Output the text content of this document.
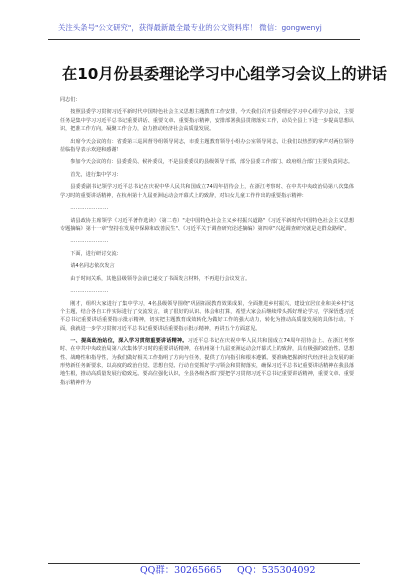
关注头条号"公文研究"，获得最新最全最专业的公文资料库！ 微信：gongwenyj
在10月份县委理论学习中心组学习会议上的讲话

同志们：

按照县委学习贯彻习近平新时代中国特色社会主义思想主题教育工作安排，今天我们召开县委理论学习中心组学习会议，主要任务是集中学习习近平总书记重要讲话、重要文章、重要指示精神，安排部署我县贯彻落实工作，动员全县上下进一步提高思想认识，把准工作方向，凝聚工作合力，奋力推动经济社会高质量发展。

出席今天会议的有：省委第三巡回督导组领导同志，市委主题教育领导小组办公室领导同志，让我们以热烈的掌声对两位领导莅临指导表示欢迎和感谢！

参加今天会议的有：县委委员、候补委员，不是县委委员的县级领导干部，部分县委工作部门、政府组合部门主要负责同志。

首先，进行集中学习：

县委委副书记领学习近平总书记在庆祝中华人民共和国成立74周年招待会上，在浙江考察时、在中共中央政治局第八次集体学习时的重要讲话精神，在杭州第十九届亚洲运动会开幕式上的致辞，对妇女儿童工作作出的重要指示精神：

…………………

请县政协主席领学《习近平著作选读》（第二卷）"走中国特色社会主义乡村振兴道路"《习近平新时代中国特色社会主义思想专题摘编》第十一章"坚持在发展中保障和改善民生"、《习近平关于调查研究论述摘编》第四章"兴起调查研究就是走群众路线"。

…………………

下面，进行研讨交流：

请4名同志依次发言

由于时间关系，其他县级领导会前已递交了书面发言材料，不再进行会议发言。

…………………

刚才，组织大家进行了集中学习，4名县级领导围绕"巩固拓展教育效果成果，全面推进乡村振兴，建设宜居宜业和美乡村"这个主题，结合各自工作实际进行了交流发言，谈了很好的认识、体会和打算，希望大家会后继续带头抓好理论学习，学深悟透习近平总书记重要讲话重要指示批示精神，切实把主题教育成效转化为做好工作的强大动力，转化为推动高质量发展的具体行动。下面，我就进一步学习贯彻习近平总书记重要讲话重要指示批示精神，再讲五个方面意见。

一、提高政治站位，深入学习贯彻重要讲话精神。习近平总书记在庆祝中华人民共和国成立74周年招待会上、在浙江考察时、在中共中央政治局第八次集体学习时的重要讲话精神，在杭州第十九届亚洲运动会开幕式上的致辞，具有极强的政治性、思想性、战略性和指导性，为我们做好相关工作指明了方向与任务，提供了方向指引和根本遵循。要准确把握新时代经济社会发展的新形势新任务新要求，以高度的政治自觉、思想自觉、行动自觉抓好学习领会和贯彻落实，确保习近平总书记重要讲话精神在我县落地生根，推动高质量发展行稳致远。要高位强化认识，全县各级各部门要把学习贯彻习近平总书记重要讲话精神，重要文章、重要指示精神作为

QQ群：30265665 QQ：535304092
